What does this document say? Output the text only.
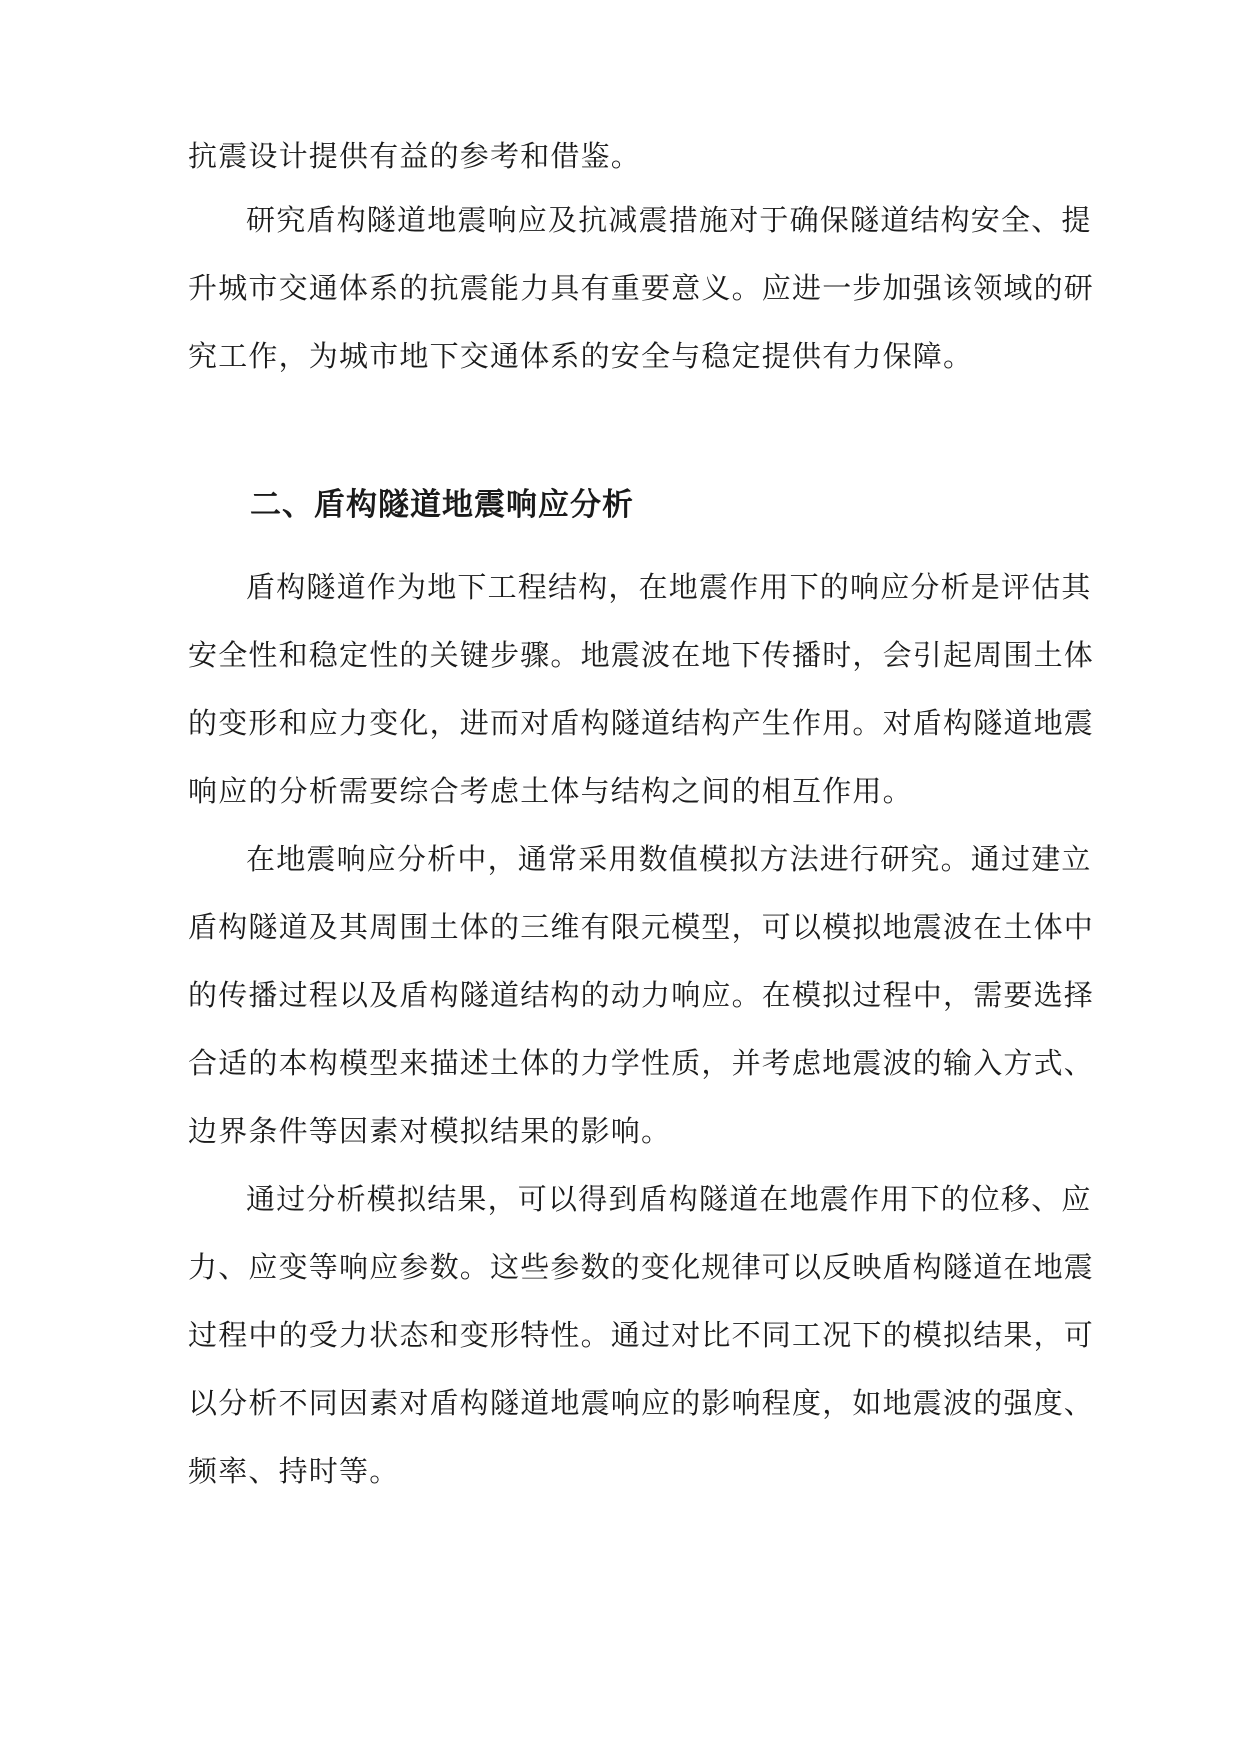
抗震设计提供有益的参考和借鉴。
研究盾构隧道地震响应及抗减震措施对于确保隧道结构安全、提
升城市交通体系的抗震能力具有重要意义。应进一步加强该领域的研
究工作，为城市地下交通体系的安全与稳定提供有力保障。
二、盾构隧道地震响应分析
盾构隧道作为地下工程结构，在地震作用下的响应分析是评估其
安全性和稳定性的关键步骤。地震波在地下传播时，会引起周围土体
的变形和应力变化，进而对盾构隧道结构产生作用。对盾构隧道地震
响应的分析需要综合考虑土体与结构之间的相互作用。
在地震响应分析中，通常采用数值模拟方法进行研究。通过建立
盾构隧道及其周围土体的三维有限元模型，可以模拟地震波在土体中
的传播过程以及盾构隧道结构的动力响应。在模拟过程中，需要选择
合适的本构模型来描述土体的力学性质，并考虑地震波的输入方式、
边界条件等因素对模拟结果的影响。
通过分析模拟结果，可以得到盾构隧道在地震作用下的位移、应
力、应变等响应参数。这些参数的变化规律可以反映盾构隧道在地震
过程中的受力状态和变形特性。通过对比不同工况下的模拟结果，可
以分析不同因素对盾构隧道地震响应的影响程度，如地震波的强度、
频率、持时等。
